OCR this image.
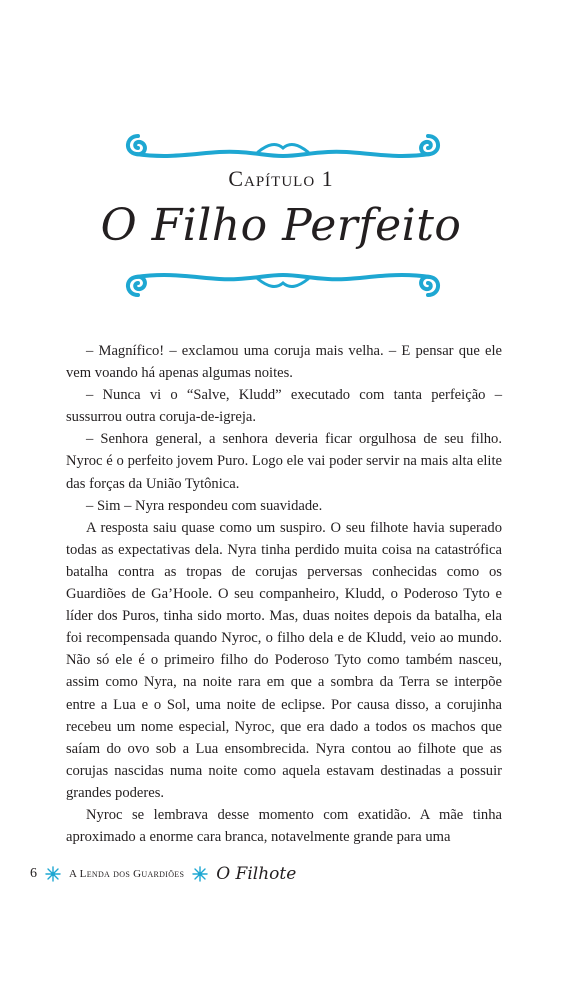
Capítulo 1
O Filho Perfeito

– Magnífico! – exclamou uma coruja mais velha. – E pensar que ele vem voando há apenas algumas noites.

– Nunca vi o “Salve, Kludd” executado com tanta perfeição – sussurrou outra coruja-de-igreja.

– Senhora general, a senhora deveria ficar orgulhosa de seu filho. Nyroc é o perfeito jovem Puro. Logo ele vai poder servir na mais alta elite das forças da União Tytônica.

– Sim – Nyra respondeu com suavidade.

A resposta saiu quase como um suspiro. O seu filhote havia superado todas as expectativas dela. Nyra tinha perdido muita coisa na catastrófica batalha contra as tropas de corujas perversas conhecidas como os Guardiões de Ga’Hoole. O seu companheiro, Kludd, o Poderoso Tyto e líder dos Puros, tinha sido morto. Mas, duas noites depois da batalha, ela foi recompensada quando Nyroc, o filho dela e de Kludd, veio ao mundo. Não só ele é o primeiro filho do Poderoso Tyto como também nasceu, assim como Nyra, na noite rara em que a sombra da Terra se interpõe entre a Lua e o Sol, uma noite de eclipse. Por causa disso, a corujinha recebeu um nome especial, Nyroc, que era dado a todos os machos que saíam do ovo sob a Lua ensombrecida. Nyra contou ao filhote que as corujas nascidas numa noite como aquela estavam destinadas a possuir grandes poderes.

Nyroc se lembrava desse momento com exatidão. A mãe tinha aproximado a enorme cara branca, notavelmente grande para uma

6	A Lenda dos Guardiões O Filhote
